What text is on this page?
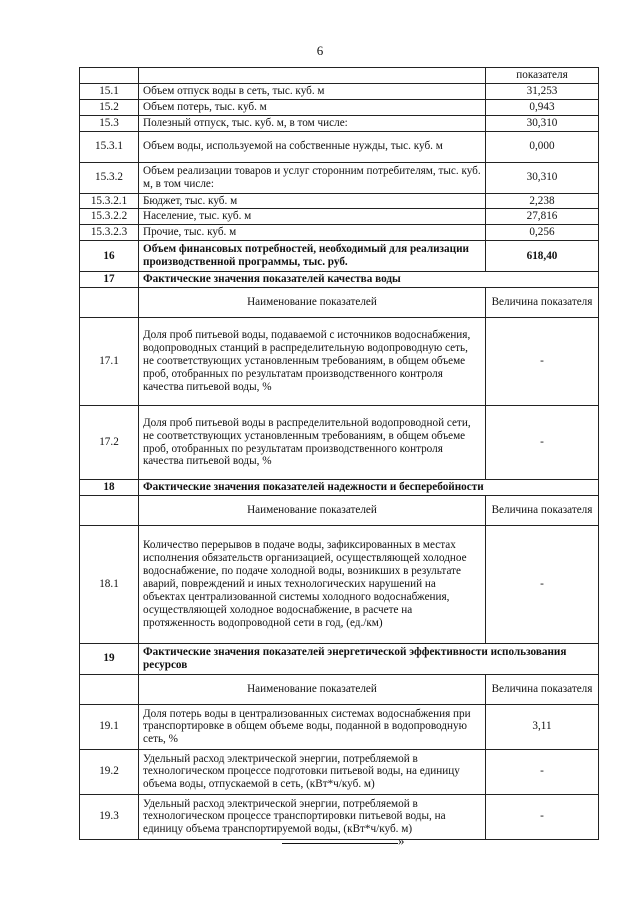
6
		показателя
15.1	Объем отпуск воды в сеть, тыс. куб. м	31,253
15.2	Объем потерь, тыс. куб. м	0,943
15.3	Полезный отпуск, тыс. куб. м, в том числе:	30,310
15.3.1	Объем воды, используемой на собственные нужды, тыс. куб. м	0,000
15.3.2	Объем реализации товаров и услуг сторонним потребителям, тыс. куб. м, в том числе:	30,310
15.3.2.1	Бюджет, тыс. куб. м	2,238
15.3.2.2	Население, тыс. куб. м	27,816
15.3.2.3	Прочие, тыс. куб. м	0,256
16	Объем финансовых потребностей, необходимый для реализации производственной программы, тыс. руб.	618,40
17	Фактические значения показателей качества воды	
	Наименование показателей	Величина показателя
17.1	Доля проб питьевой воды, подаваемой с источников водоснабжения, водопроводных станций в распределительную водопроводную сеть, не соответствующих установленным требованиям, в общем объеме проб, отобранных по результатам производственного контроля качества питьевой воды, %	-
17.2	Доля проб питьевой воды в распределительной водопроводной сети, не соответствующих установленным требованиям, в общем объеме проб, отобранных по результатам производственного контроля качества питьевой воды, %	-
18	Фактические значения показателей надежности и бесперебойности	
	Наименование показателей	Величина показателя
18.1	Количество перерывов в подаче воды, зафиксированных в местах исполнения обязательств организацией, осуществляющей холодное водоснабжение, по подаче холодной воды, возникших в результате аварий, повреждений и иных технологических нарушений на объектах централизованной системы холодного водоснабжения, осуществляющей холодное водоснабжение, в расчете на протяженность водопроводной сети в год, (ед./км)	-
19	Фактические значения показателей энергетической эффективности использования ресурсов	
	Наименование показателей	Величина показателя
19.1	Доля потерь воды в централизованных системах водоснабжения при транспортировке в общем объеме воды, поданной в водопроводную сеть, %	3,11
19.2	Удельный расход электрической энергии, потребляемой в технологическом процессе подготовки питьевой воды, на единицу объема воды, отпускаемой в сеть, (кВт*ч/куб. м)	-
19.3	Удельный расход электрической энергии, потребляемой в технологическом процессе транспортировки питьевой воды, на единицу объема транспортируемой воды, (кВт*ч/куб. м)	-
»
